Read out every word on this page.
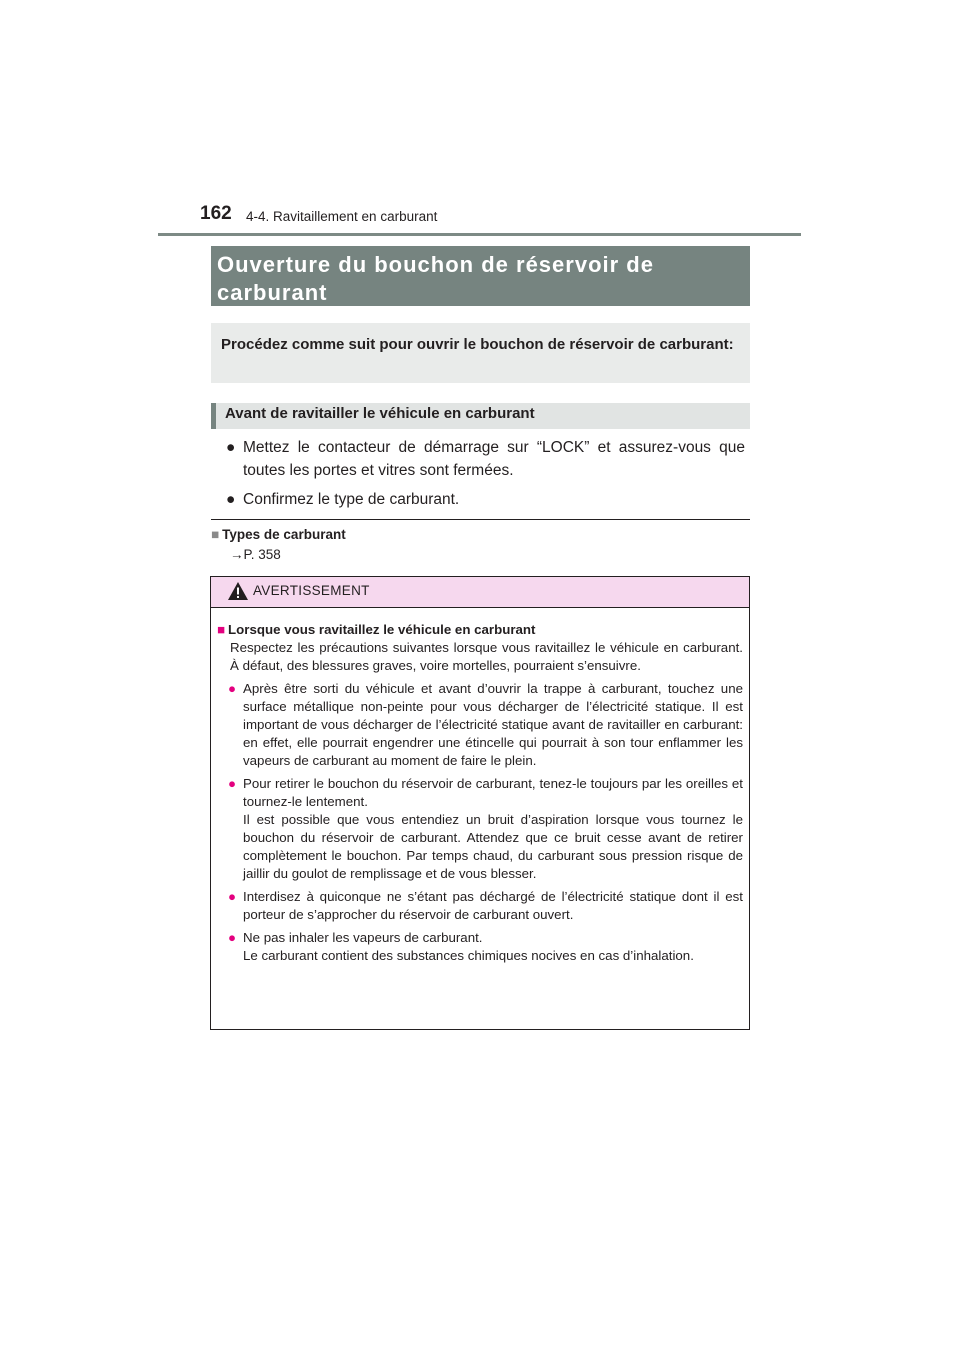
162 4-4. Ravitaillement en carburant
Ouverture du bouchon de réservoir de
carburant
Procédez comme suit pour ouvrir le bouchon de réservoir de carburant:
Avant de ravitailler le véhicule en carburant
● Mettez le contacteur de démarrage sur “LOCK” et assurez-vous que toutes les portes et vitres sont fermées.
● Confirmez le type de carburant.
■ Types de carburant
→P. 358
AVERTISSEMENT
■ Lorsque vous ravitaillez le véhicule en carburant
Respectez les précautions suivantes lorsque vous ravitaillez le véhicule en carburant. À défaut, des blessures graves, voire mortelles, pourraient s’ensuivre.
● Après être sorti du véhicule et avant d’ouvrir la trappe à carburant, touchez une surface métallique non-peinte pour vous décharger de l’électricité statique. Il est important de vous décharger de l’électricité statique avant de ravitailler en carburant: en effet, elle pourrait engendrer une étincelle qui pourrait à son tour enflammer les vapeurs de carburant au moment de faire le plein.
● Pour retirer le bouchon du réservoir de carburant, tenez-le toujours par les oreilles et tournez-le lentement.
Il est possible que vous entendiez un bruit d’aspiration lorsque vous tournez le bouchon du réservoir de carburant. Attendez que ce bruit cesse avant de retirer complètement le bouchon. Par temps chaud, du carburant sous pression risque de jaillir du goulot de remplissage et de vous blesser.
● Interdisez à quiconque ne s’étant pas déchargé de l’électricité statique dont il est porteur de s’approcher du réservoir de carburant ouvert.
● Ne pas inhaler les vapeurs de carburant.
Le carburant contient des substances chimiques nocives en cas d’inhalation.
